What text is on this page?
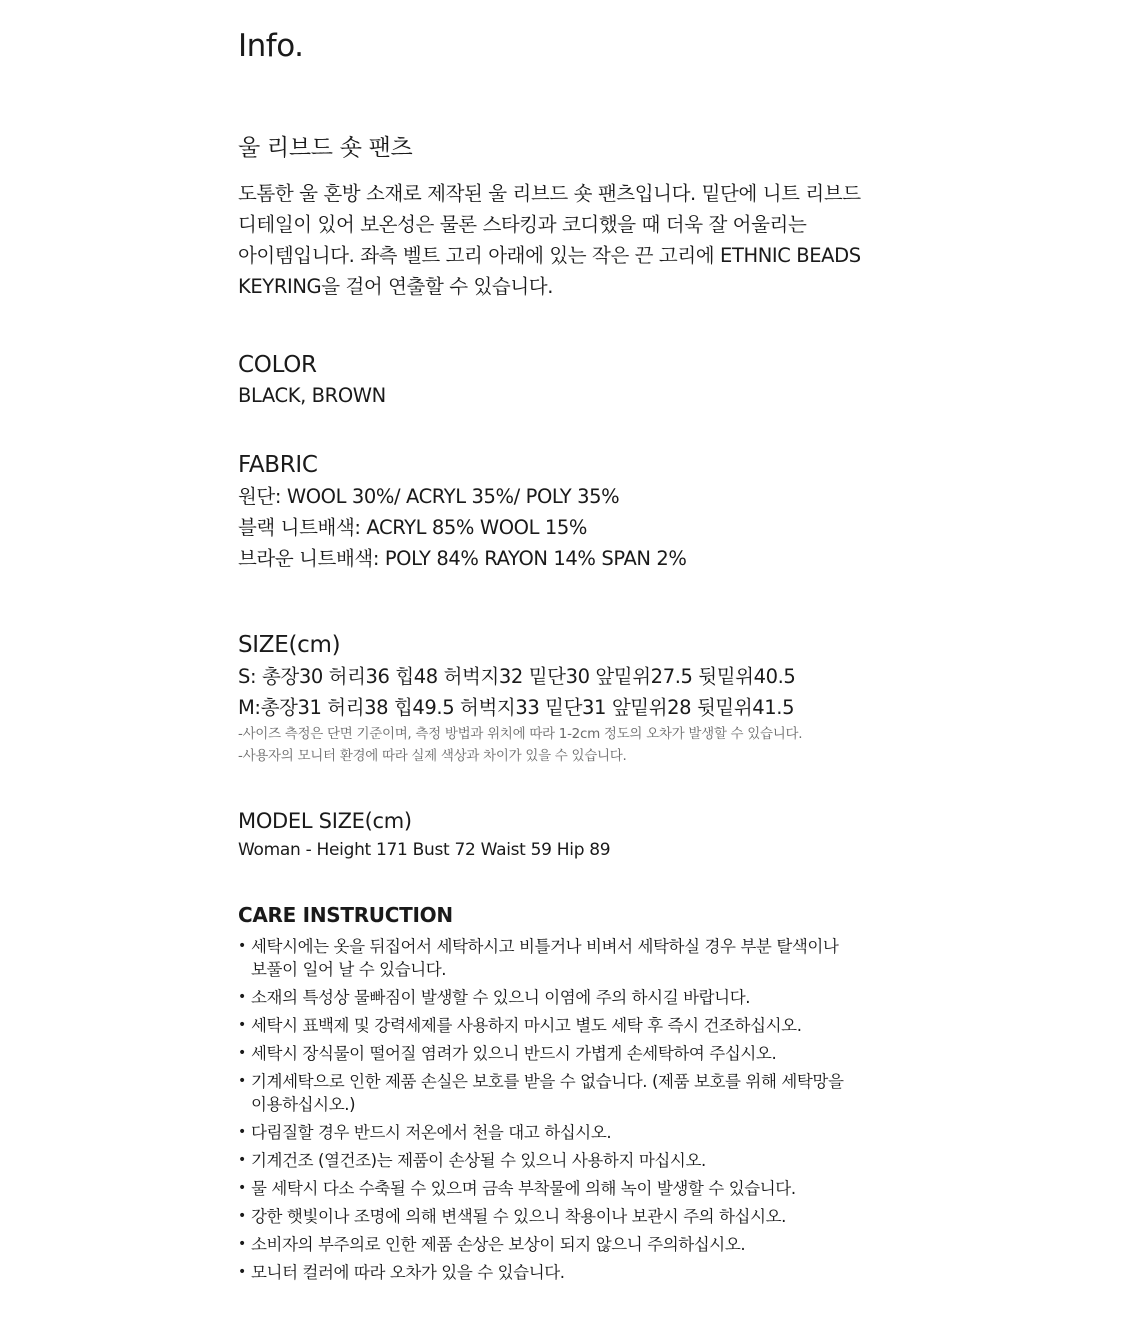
Info.
울 리브드 숏 팬츠
도톰한 울 혼방 소재로 제작된 울 리브드 숏 팬츠입니다. 밑단에 니트 리브드
디테일이 있어 보온성은 물론 스타킹과 코디했을 때 더욱 잘 어울리는
아이템입니다. 좌측 벨트 고리 아래에 있는 작은 끈 고리에 ETHNIC BEADS
KEYRING을 걸어 연출할 수 있습니다.
COLOR
BLACK, BROWN
FABRIC
원단: WOOL 30%/ ACRYL 35%/ POLY 35%
블랙 니트배색: ACRYL 85% WOOL 15%
브라운 니트배색: POLY 84% RAYON 14% SPAN 2%
SIZE(cm)
S: 총장30 허리36 힙48 허벅지32 밑단30 앞밑위27.5 뒷밑위40.5
M:총장31 허리38 힙49.5 허벅지33 밑단31 앞밑위28 뒷밑위41.5
-사이즈 측정은 단면 기준이며, 측정 방법과 위치에 따라 1-2cm 정도의 오차가 발생할 수 있습니다.
-사용자의 모니터 환경에 따라 실제 색상과 차이가 있을 수 있습니다.
MODEL SIZE(cm)
Woman - Height 171 Bust 72 Waist 59 Hip 89
CARE INSTRUCTION
• 세탁시에는 옷을 뒤집어서 세탁하시고 비틀거나 비벼서 세탁하실 경우 부분 탈색이나
보풀이 일어 날 수 있습니다.
• 소재의 특성상 물빠짐이 발생할 수 있으니 이염에 주의 하시길 바랍니다.
• 세탁시 표백제 및 강력세제를 사용하지 마시고 별도 세탁 후 즉시 건조하십시오.
• 세탁시 장식물이 떨어질 염려가 있으니 반드시 가볍게 손세탁하여 주십시오.
• 기계세탁으로 인한 제품 손실은 보호를 받을 수 없습니다. (제품 보호를 위해 세탁망을
이용하십시오.)
• 다림질할 경우 반드시 저온에서 천을 대고 하십시오.
• 기계건조 (열건조)는 제품이 손상될 수 있으니 사용하지 마십시오.
• 물 세탁시 다소 수축될 수 있으며 금속 부착물에 의해 녹이 발생할 수 있습니다.
• 강한 햇빛이나 조명에 의해 변색될 수 있으니 착용이나 보관시 주의 하십시오.
• 소비자의 부주의로 인한 제품 손상은 보상이 되지 않으니 주의하십시오.
• 모니터 컬러에 따라 오차가 있을 수 있습니다.
